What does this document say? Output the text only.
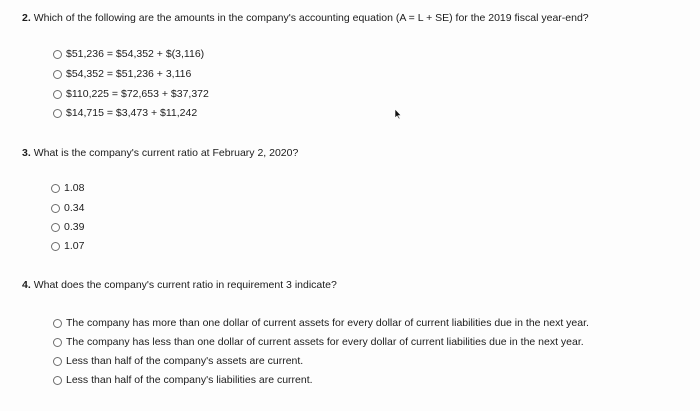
2. Which of the following are the amounts in the company's accounting equation (A = L + SE) for the 2019 fiscal year-end?
$51,236 = $54,352 + $(3,116)
$54,352 = $51,236 + 3,116
$110,225 = $72,653 + $37,372
$14,715 = $3,473 + $11,242
3. What is the company's current ratio at February 2, 2020?
1.08
0.34
0.39
1.07
4. What does the company's current ratio in requirement 3 indicate?
The company has more than one dollar of current assets for every dollar of current liabilities due in the next year.
The company has less than one dollar of current assets for every dollar of current liabilities due in the next year.
Less than half of the company's assets are current.
Less than half of the company's liabilities are current.
